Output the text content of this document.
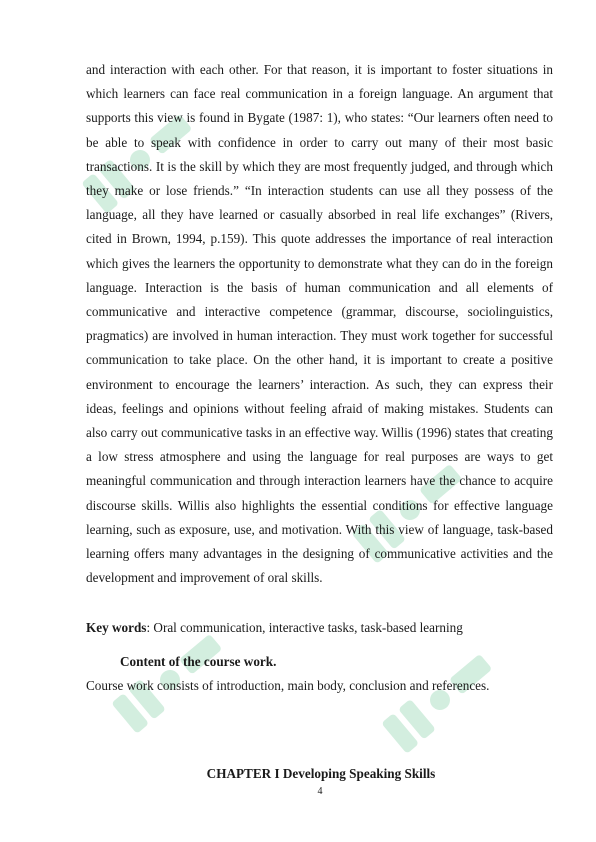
and interaction with each other. For that reason, it is important to foster situations in which learners can face real communication in a foreign language. An argument that supports this view is found in Bygate (1987: 1), who states: “Our learners often need to be able to speak with confidence in order to carry out many of their most basic transactions. It is the skill by which they are most frequently judged, and through which they make or lose friends.” “In interaction students can use all they possess of the language, all they have learned or casually absorbed in real life exchanges” (Rivers, cited in Brown, 1994, p.159). This quote addresses the importance of real interaction which gives the learners the opportunity to demonstrate what they can do in the foreign language. Interaction is the basis of human communication and all elements of communicative and interactive competence (grammar, discourse, sociolinguistics, pragmatics) are involved in human interaction. They must work together for successful communication to take place. On the other hand, it is important to create a positive environment to encourage the learners’ interaction. As such, they can express their ideas, feelings and opinions without feeling afraid of making mistakes. Students can also carry out communicative tasks in an effective way. Willis (1996) states that creating a low stress atmosphere and using the language for real purposes are ways to get meaningful communication and through interaction learners have the chance to acquire discourse skills. Willis also highlights the essential conditions for effective language learning, such as exposure, use, and motivation. With this view of language, task-based learning offers many advantages in the designing of communicative activities and the development and improvement of oral skills.

Key words: Oral communication, interactive tasks, task-based learning

Content of the course work.

Course work consists of introduction, main body, conclusion and references.

CHAPTER I Developing Speaking Skills

4
